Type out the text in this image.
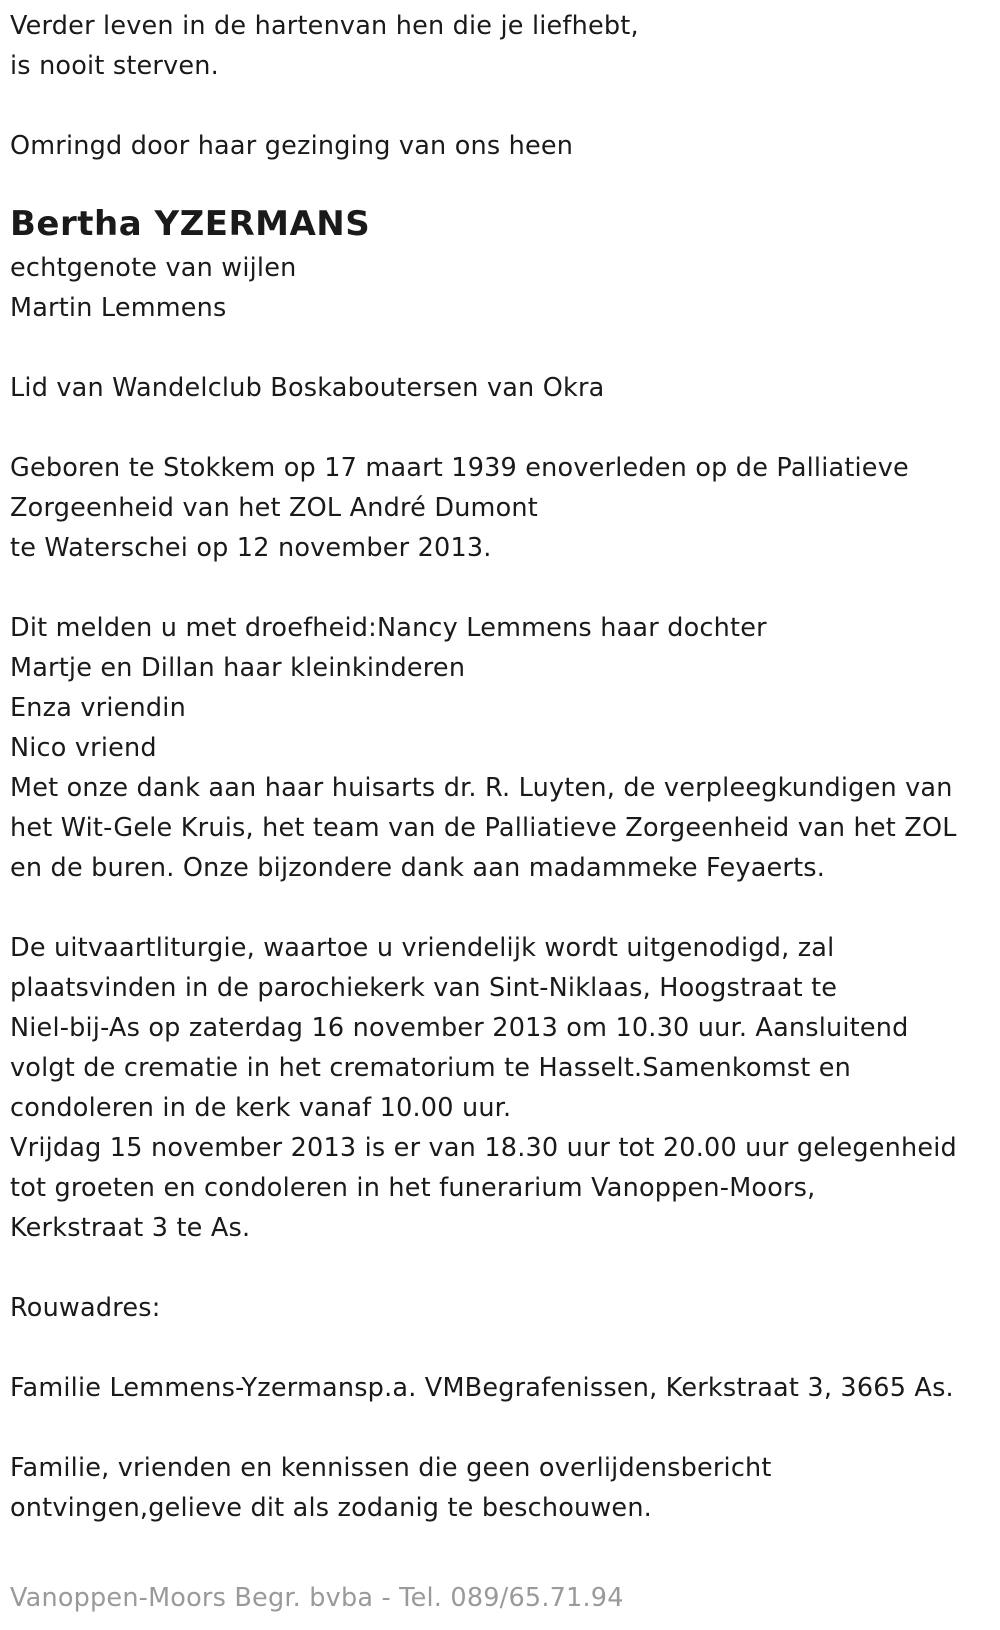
Verder leven in de hartenvan hen die je liefhebt,
is nooit sterven.
Omringd door haar gezinging van ons heen
Bertha YZERMANS
echtgenote van wijlen
Martin Lemmens
Lid van Wandelclub Boskaboutersen van Okra
Geboren te Stokkem op 17 maart 1939 enoverleden op de Palliatieve
Zorgeenheid van het ZOL André Dumont
te Waterschei op 12 november 2013.
Dit melden u met droefheid:Nancy Lemmens haar dochter
Martje en Dillan haar kleinkinderen
Enza vriendin
Nico vriend
Met onze dank aan haar huisarts dr. R. Luyten, de verpleegkundigen van
het Wit-Gele Kruis, het team van de Palliatieve Zorgeenheid van het ZOL
en de buren. Onze bijzondere dank aan madammeke Feyaerts.
De uitvaartliturgie, waartoe u vriendelijk wordt uitgenodigd, zal
plaatsvinden in de parochiekerk van Sint-Niklaas, Hoogstraat te
Niel-bij-As op zaterdag 16 november 2013 om 10.30 uur. Aansluitend
volgt de crematie in het crematorium te Hasselt.Samenkomst en
condoleren in de kerk vanaf 10.00 uur.
Vrijdag 15 november 2013 is er van 18.30 uur tot 20.00 uur gelegenheid
tot groeten en condoleren in het funerarium Vanoppen-Moors,
Kerkstraat 3 te As.
Rouwadres:
Familie Lemmens-Yzermansp.a. VMBegrafenissen, Kerkstraat 3, 3665 As.
Familie, vrienden en kennissen die geen overlijdensbericht
ontvingen,gelieve dit als zodanig te beschouwen.
Vanoppen-Moors Begr. bvba - Tel. 089/65.71.94
